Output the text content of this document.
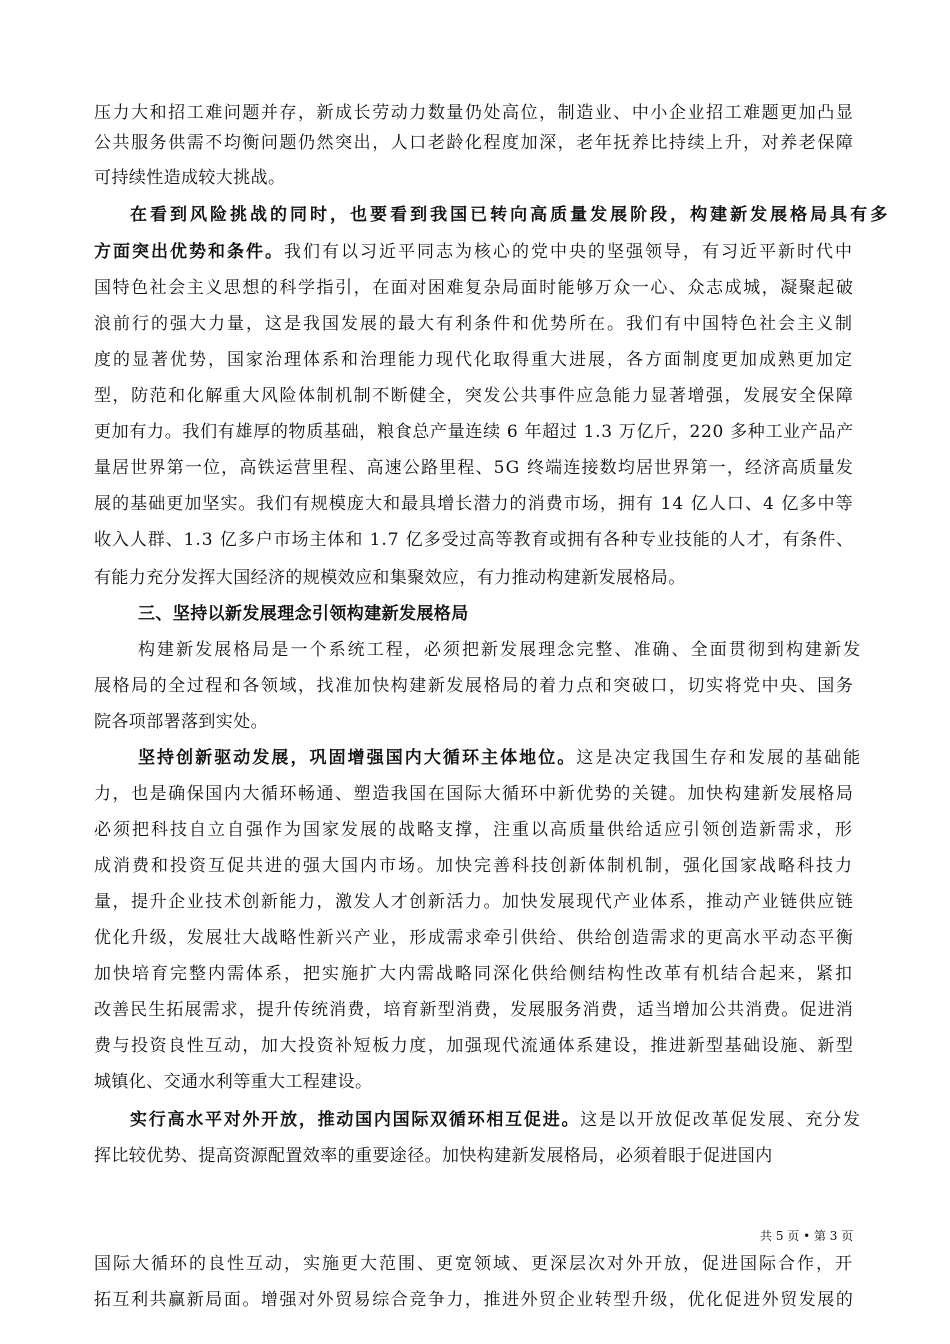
压力大和招工难问题并存，新成长劳动力数量仍处高位，制造业、中小企业招工难题更加凸显
公共服务供需不均衡问题仍然突出，人口老龄化程度加深，老年抚养比持续上升，对养老保障
可持续性造成较大挑战。
在看到风险挑战的同时，也要看到我国已转向高质量发展阶段，构建新发展格局具有多
方面突出优势和条件。我们有以习近平同志为核心的党中央的坚强领导，有习近平新时代中
国特色社会主义思想的科学指引，在面对困难复杂局面时能够万众一心、众志成城，凝聚起破
浪前行的强大力量，这是我国发展的最大有利条件和优势所在。我们有中国特色社会主义制
度的显著优势，国家治理体系和治理能力现代化取得重大进展，各方面制度更加成熟更加定
型，防范和化解重大风险体制机制不断健全，突发公共事件应急能力显著增强，发展安全保障
更加有力。我们有雄厚的物质基础，粮食总产量连续 6 年超过 1.3 万亿斤，220 多种工业产品产
量居世界第一位，高铁运营里程、高速公路里程、5G 终端连接数均居世界第一，经济高质量发
展的基础更加坚实。我们有规模庞大和最具增长潜力的消费市场，拥有 14 亿人口、4 亿多中等
收入人群、1.3 亿多户市场主体和 1.7 亿多受过高等教育或拥有各种专业技能的人才，有条件、
有能力充分发挥大国经济的规模效应和集聚效应，有力推动构建新发展格局。
三、坚持以新发展理念引领构建新发展格局
构建新发展格局是一个系统工程，必须把新发展理念完整、准确、全面贯彻到构建新发
展格局的全过程和各领域，找准加快构建新发展格局的着力点和突破口，切实将党中央、国务
院各项部署落到实处。
坚持创新驱动发展，巩固增强国内大循环主体地位。这是决定我国生存和发展的基础能
力，也是确保国内大循环畅通、塑造我国在国际大循环中新优势的关键。加快构建新发展格局
必须把科技自立自强作为国家发展的战略支撑，注重以高质量供给适应引领创造新需求，形
成消费和投资互促共进的强大国内市场。加快完善科技创新体制机制，强化国家战略科技力
量，提升企业技术创新能力，激发人才创新活力。加快发展现代产业体系，推动产业链供应链
优化升级，发展壮大战略性新兴产业，形成需求牵引供给、供给创造需求的更高水平动态平衡
加快培育完整内需体系，把实施扩大内需战略同深化供给侧结构性改革有机结合起来，紧扣
改善民生拓展需求，提升传统消费，培育新型消费，发展服务消费，适当增加公共消费。促进消
费与投资良性互动，加大投资补短板力度，加强现代流通体系建设，推进新型基础设施、新型
城镇化、交通水利等重大工程建设。
实行高水平对外开放，推动国内国际双循环相互促进。这是以开放促改革促发展、充分发
挥比较优势、提高资源配置效率的重要途径。加快构建新发展格局，必须着眼于促进国内
国际大循环的良性互动，实施更大范围、更宽领域、更深层次对外开放，促进国际合作，开
拓互利共赢新局面。增强对外贸易综合竞争力，推进外贸企业转型升级，优化促进外贸发展的
共 5 页 • 第 3 页
